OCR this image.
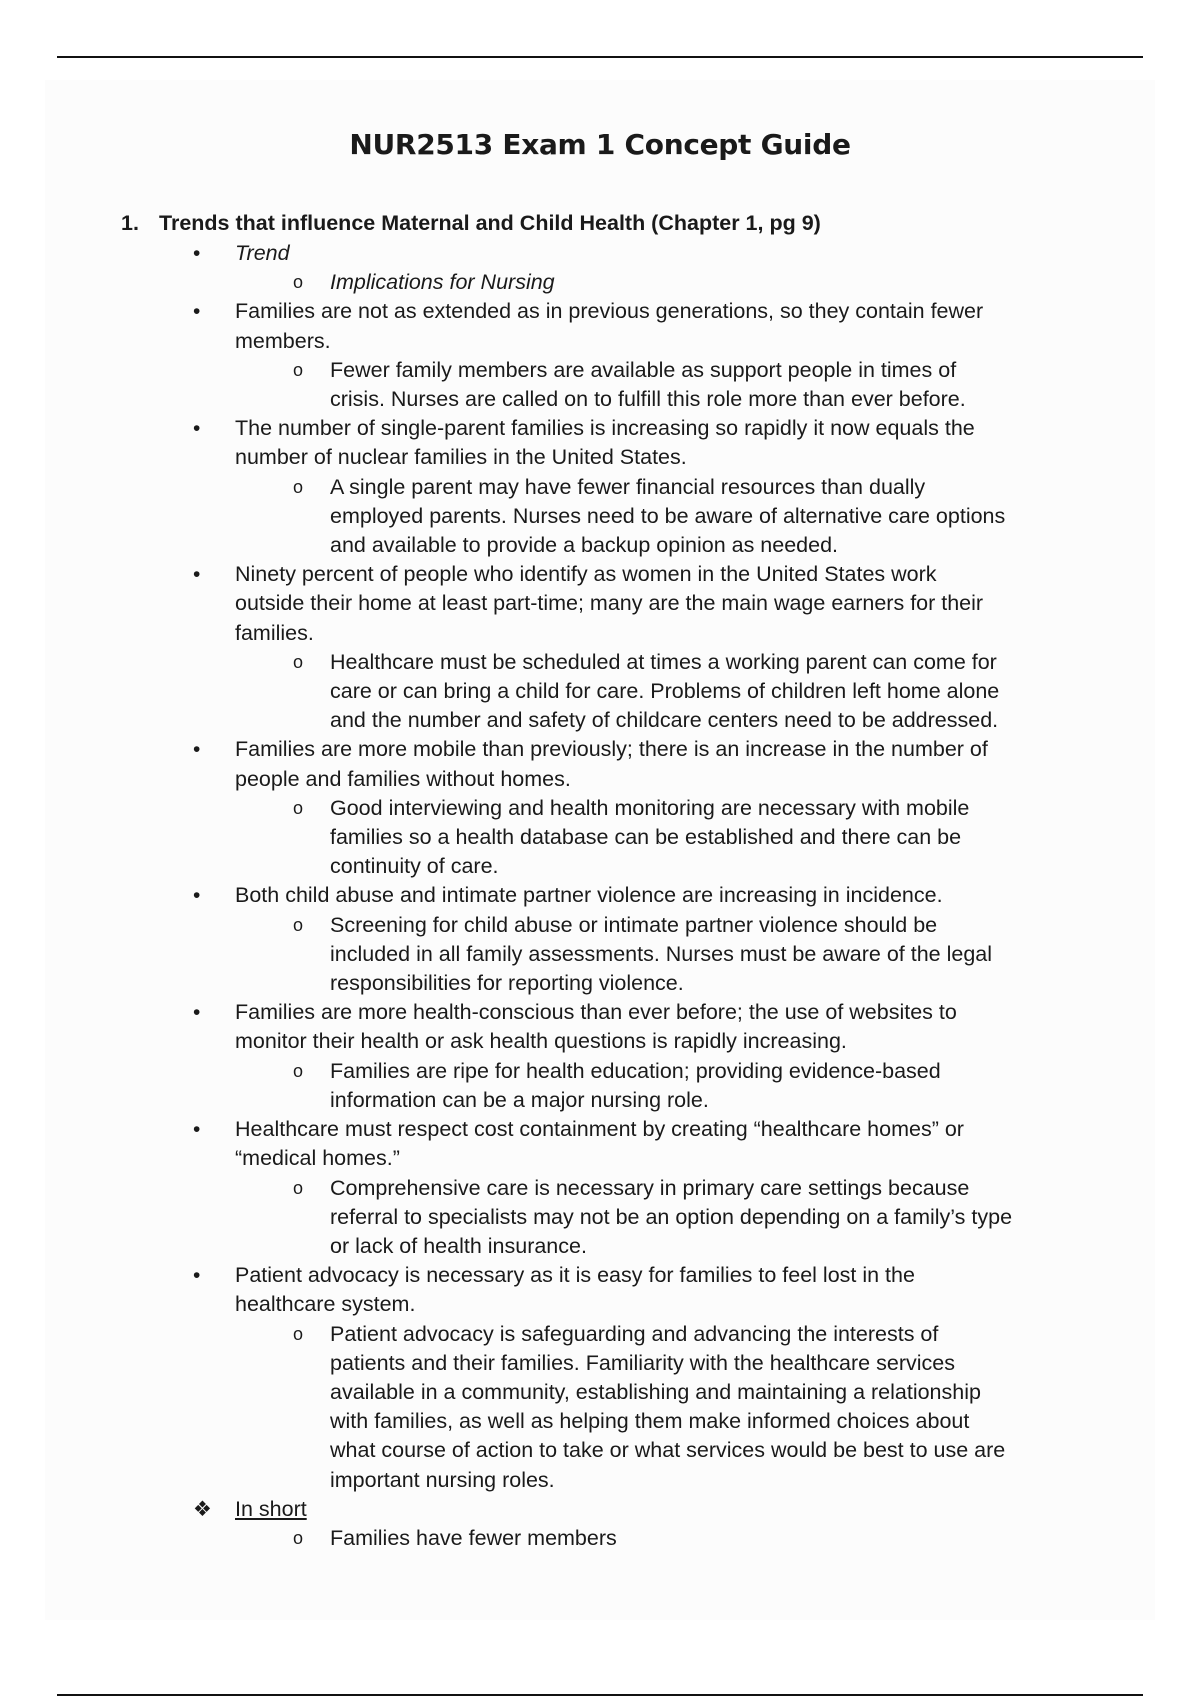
NUR2513 Exam 1 Concept Guide
1. Trends that influence Maternal and Child Health (Chapter 1, pg 9)
• Trend
o Implications for Nursing
• Families are not as extended as in previous generations, so they contain fewer
members.
o Fewer family members are available as support people in times of
crisis. Nurses are called on to fulfill this role more than ever before.
• The number of single-parent families is increasing so rapidly it now equals the
number of nuclear families in the United States.
o A single parent may have fewer financial resources than dually
employed parents. Nurses need to be aware of alternative care options
and available to provide a backup opinion as needed.
• Ninety percent of people who identify as women in the United States work
outside their home at least part-time; many are the main wage earners for their
families.
o Healthcare must be scheduled at times a working parent can come for
care or can bring a child for care. Problems of children left home alone
and the number and safety of childcare centers need to be addressed.
• Families are more mobile than previously; there is an increase in the number of
people and families without homes.
o Good interviewing and health monitoring are necessary with mobile
families so a health database can be established and there can be
continuity of care.
• Both child abuse and intimate partner violence are increasing in incidence.
o Screening for child abuse or intimate partner violence should be
included in all family assessments. Nurses must be aware of the legal
responsibilities for reporting violence.
• Families are more health-conscious than ever before; the use of websites to
monitor their health or ask health questions is rapidly increasing.
o Families are ripe for health education; providing evidence-based
information can be a major nursing role.
• Healthcare must respect cost containment by creating “healthcare homes” or
“medical homes.”
o Comprehensive care is necessary in primary care settings because
referral to specialists may not be an option depending on a family’s type
or lack of health insurance.
• Patient advocacy is necessary as it is easy for families to feel lost in the
healthcare system.
o Patient advocacy is safeguarding and advancing the interests of
patients and their families. Familiarity with the healthcare services
available in a community, establishing and maintaining a relationship
with families, as well as helping them make informed choices about
what course of action to take or what services would be best to use are
important nursing roles.
❖ In short
o Families have fewer members
